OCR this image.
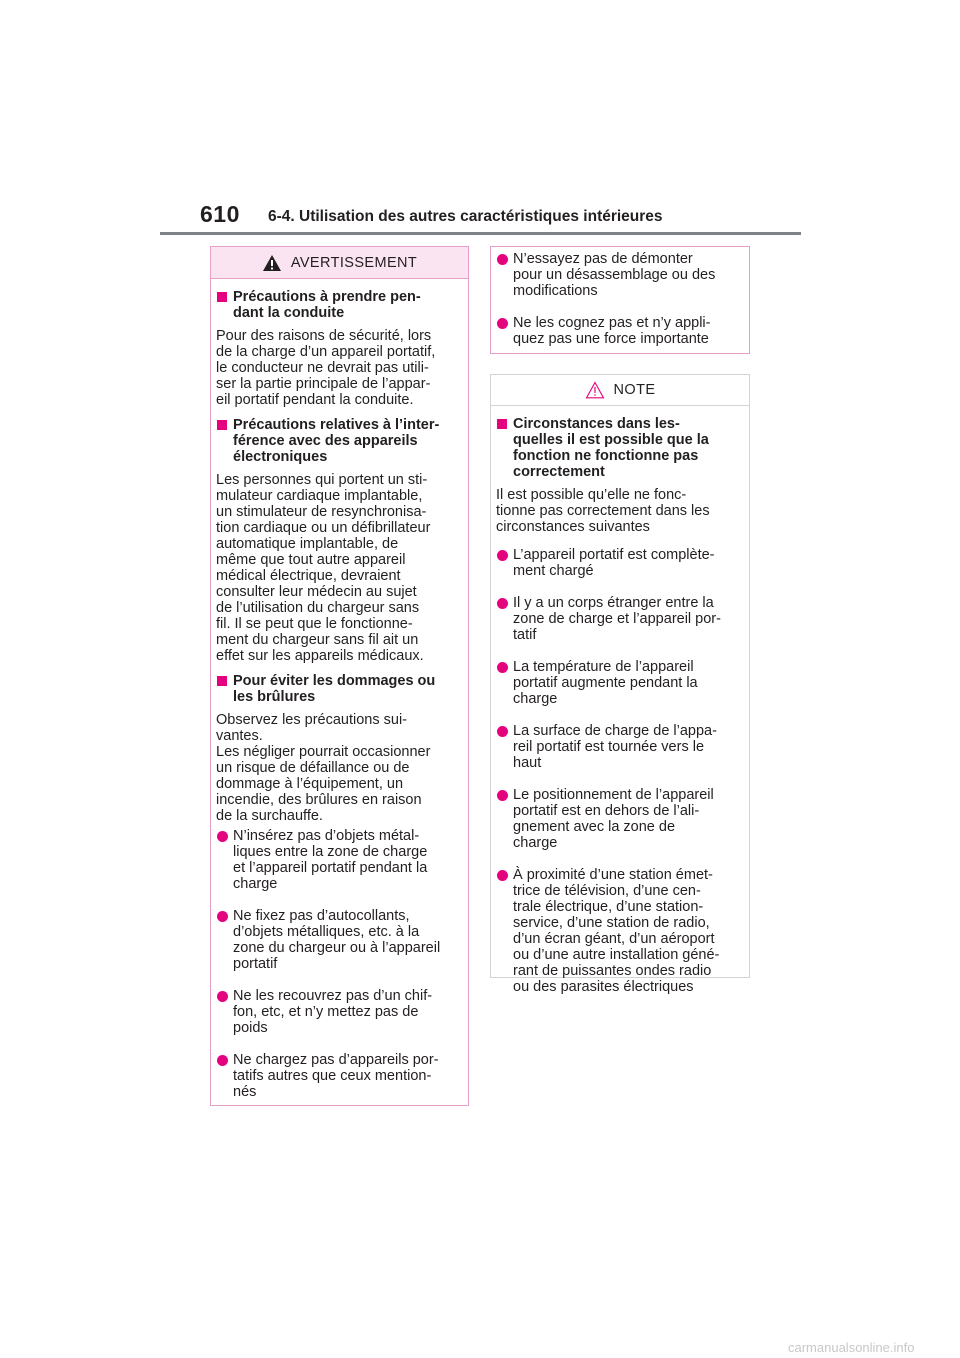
610 6-4. Utilisation des autres caractéristiques intérieures
AVERTISSEMENT
Précautions à prendre pen-
dant la conduite
Pour des raisons de sécurité, lors
de la charge d’un appareil portatif,
le conducteur ne devrait pas utili-
ser la partie principale de l’appar-
eil portatif pendant la conduite.
Précautions relatives à l’inter-
férence avec des appareils
électroniques
Les personnes qui portent un sti-
mulateur cardiaque implantable,
un stimulateur de resynchronisa-
tion cardiaque ou un défibrillateur
automatique implantable, de
même que tout autre appareil
médical électrique, devraient
consulter leur médecin au sujet
de l’utilisation du chargeur sans
fil. Il se peut que le fonctionne-
ment du chargeur sans fil ait un
effet sur les appareils médicaux.
Pour éviter les dommages ou
les brûlures
Observez les précautions sui-
vantes.
Les négliger pourrait occasionner
un risque de défaillance ou de
dommage à l’équipement, un
incendie, des brûlures en raison
de la surchauffe.
N’insérez pas d’objets métal-
liques entre la zone de charge
et l’appareil portatif pendant la
charge
Ne fixez pas d’autocollants,
d’objets métalliques, etc. à la
zone du chargeur ou à l’appareil
portatif
Ne les recouvrez pas d’un chif-
fon, etc, et n’y mettez pas de
poids
Ne chargez pas d’appareils por-
tatifs autres que ceux mention-
nés
N’essayez pas de démonter
pour un désassemblage ou des
modifications
Ne les cognez pas et n’y appli-
quez pas une force importante
NOTE
Circonstances dans les-
quelles il est possible que la
fonction ne fonctionne pas
correctement
Il est possible qu’elle ne fonc-
tionne pas correctement dans les
circonstances suivantes
L’appareil portatif est complète-
ment chargé
Il y a un corps étranger entre la
zone de charge et l’appareil por-
tatif
La température de l’appareil
portatif augmente pendant la
charge
La surface de charge de l’appa-
reil portatif est tournée vers le
haut
Le positionnement de l’appareil
portatif est en dehors de l’ali-
gnement avec la zone de
charge
À proximité d’une station émet-
trice de télévision, d’une cen-
trale électrique, d’une station-
service, d’une station de radio,
d’un écran géant, d’un aéroport
ou d’une autre installation géné-
rant de puissantes ondes radio
ou des parasites électriques
carmanualsonline.info
